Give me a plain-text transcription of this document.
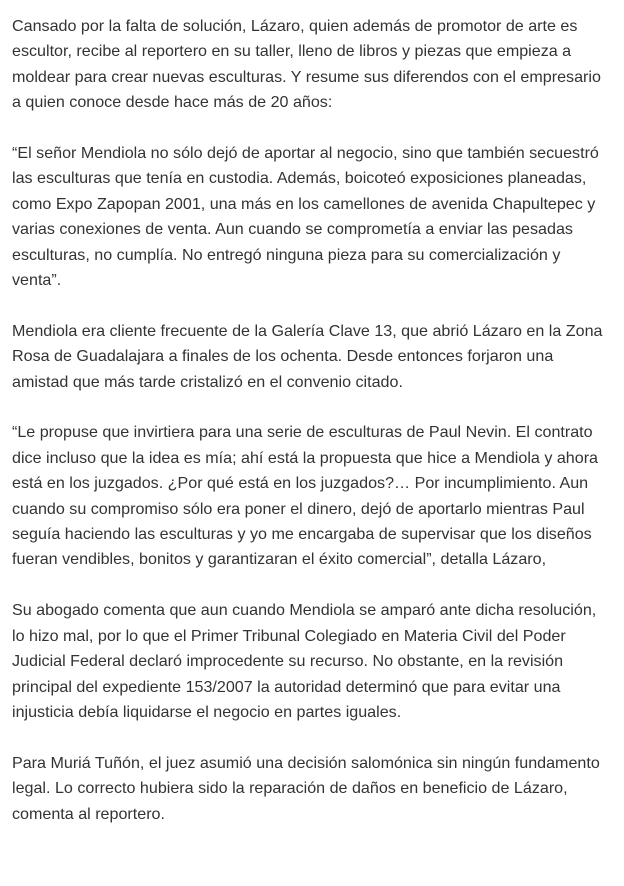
Cansado por la falta de solución, Lázaro, quien además de promotor de arte es escultor, recibe al reportero en su taller, lleno de libros y piezas que empieza a moldear para crear nuevas esculturas. Y resume sus diferendos con el empresario a quien conoce desde hace más de 20 años:

“El señor Mendiola no sólo dejó de aportar al negocio, sino que también secuestró las esculturas que tenía en custodia. Además, boicoteó exposiciones planeadas, como Expo Zapopan 2001, una más en los camellones de avenida Chapultepec y varias conexiones de venta. Aun cuando se comprometía a enviar las pesadas esculturas, no cumplía. No entregó ninguna pieza para su comercialización y venta”.

Mendiola era cliente frecuente de la Galería Clave 13, que abrió Lázaro en la Zona Rosa de Guadalajara a finales de los ochenta. Desde entonces forjaron una amistad que más tarde cristalizó en el convenio citado.

“Le propuse que invirtiera para una serie de esculturas de Paul Nevin. El contrato dice incluso que la idea es mía; ahí está la propuesta que hice a Mendiola y ahora está en los juzgados. ¿Por qué está en los juzgados?… Por incumplimiento. Aun cuando su compromiso sólo era poner el dinero, dejó de aportarlo mientras Paul seguía haciendo las esculturas y yo me encargaba de supervisar que los diseños fueran vendibles, bonitos y garantizaran el éxito comercial”, detalla Lázaro,

Su abogado comenta que aun cuando Mendiola se amparó ante dicha resolución, lo hizo mal, por lo que el Primer Tribunal Colegiado en Materia Civil del Poder Judicial Federal declaró improcedente su recurso. No obstante, en la revisión principal del expediente 153/2007 la autoridad determinó que para evitar una injusticia debía liquidarse el negocio en partes iguales.

Para Muriá Tuñón, el juez asumió una decisión salomónica sin ningún fundamento legal. Lo correcto hubiera sido la reparación de daños en beneficio de Lázaro, comenta al reportero.
